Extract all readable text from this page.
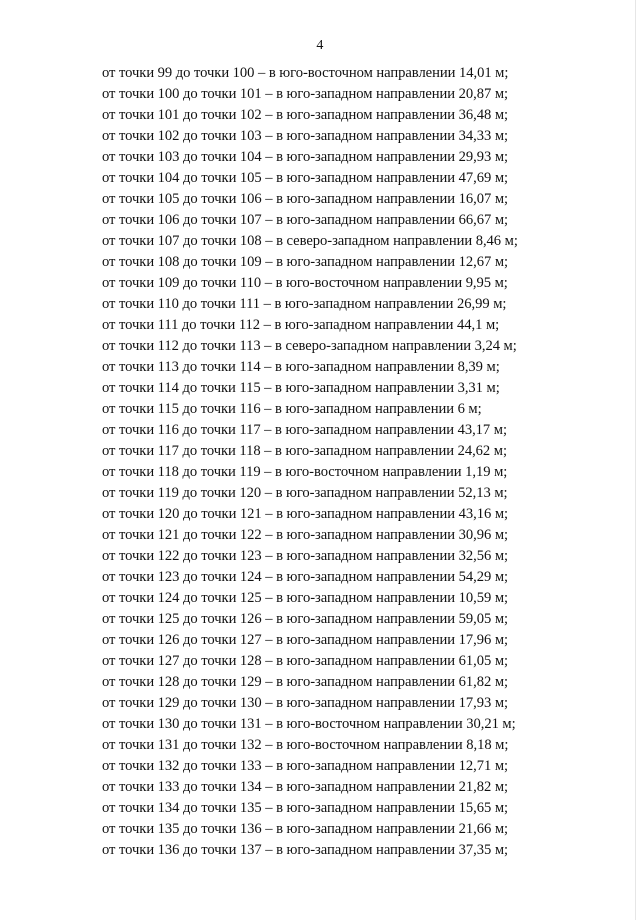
4
от точки 99 до точки 100 – в юго-восточном направлении 14,01 м;
от точки 100 до точки 101 – в юго-западном направлении 20,87 м;
от точки 101 до точки 102 – в юго-западном направлении 36,48 м;
от точки 102 до точки 103 – в юго-западном направлении 34,33 м;
от точки 103 до точки 104 – в юго-западном направлении 29,93 м;
от точки 104 до точки 105 – в юго-западном направлении 47,69 м;
от точки 105 до точки 106 – в юго-западном направлении 16,07 м;
от точки 106 до точки 107 – в юго-западном направлении 66,67 м;
от точки 107 до точки 108 – в северо-западном направлении 8,46 м;
от точки 108 до точки 109 – в юго-западном направлении 12,67 м;
от точки 109 до точки 110 – в юго-восточном направлении 9,95 м;
от точки 110 до точки 111 – в юго-западном направлении 26,99 м;
от точки 111 до точки 112 – в юго-западном направлении 44,1 м;
от точки 112 до точки 113 – в северо-западном направлении 3,24 м;
от точки 113 до точки 114 – в юго-западном направлении 8,39 м;
от точки 114 до точки 115 – в юго-западном направлении 3,31 м;
от точки 115 до точки 116 – в юго-западном направлении 6 м;
от точки 116 до точки 117 – в юго-западном направлении 43,17 м;
от точки 117 до точки 118 – в юго-западном направлении 24,62 м;
от точки 118 до точки 119 – в юго-восточном направлении 1,19 м;
от точки 119 до точки 120 – в юго-западном направлении 52,13 м;
от точки 120 до точки 121 – в юго-западном направлении 43,16 м;
от точки 121 до точки 122 – в юго-западном направлении 30,96 м;
от точки 122 до точки 123 – в юго-западном направлении 32,56 м;
от точки 123 до точки 124 – в юго-западном направлении 54,29 м;
от точки 124 до точки 125 – в юго-западном направлении 10,59 м;
от точки 125 до точки 126 – в юго-западном направлении 59,05 м;
от точки 126 до точки 127 – в юго-западном направлении 17,96 м;
от точки 127 до точки 128 – в юго-западном направлении 61,05 м;
от точки 128 до точки 129 – в юго-западном направлении 61,82 м;
от точки 129 до точки 130 – в юго-западном направлении 17,93 м;
от точки 130 до точки 131 – в юго-восточном направлении 30,21 м;
от точки 131 до точки 132 – в юго-восточном направлении 8,18 м;
от точки 132 до точки 133 – в юго-западном направлении 12,71 м;
от точки 133 до точки 134 – в юго-западном направлении 21,82 м;
от точки 134 до точки 135 – в юго-западном направлении 15,65 м;
от точки 135 до точки 136 – в юго-западном направлении 21,66 м;
от точки 136 до точки 137 – в юго-западном направлении 37,35 м;
